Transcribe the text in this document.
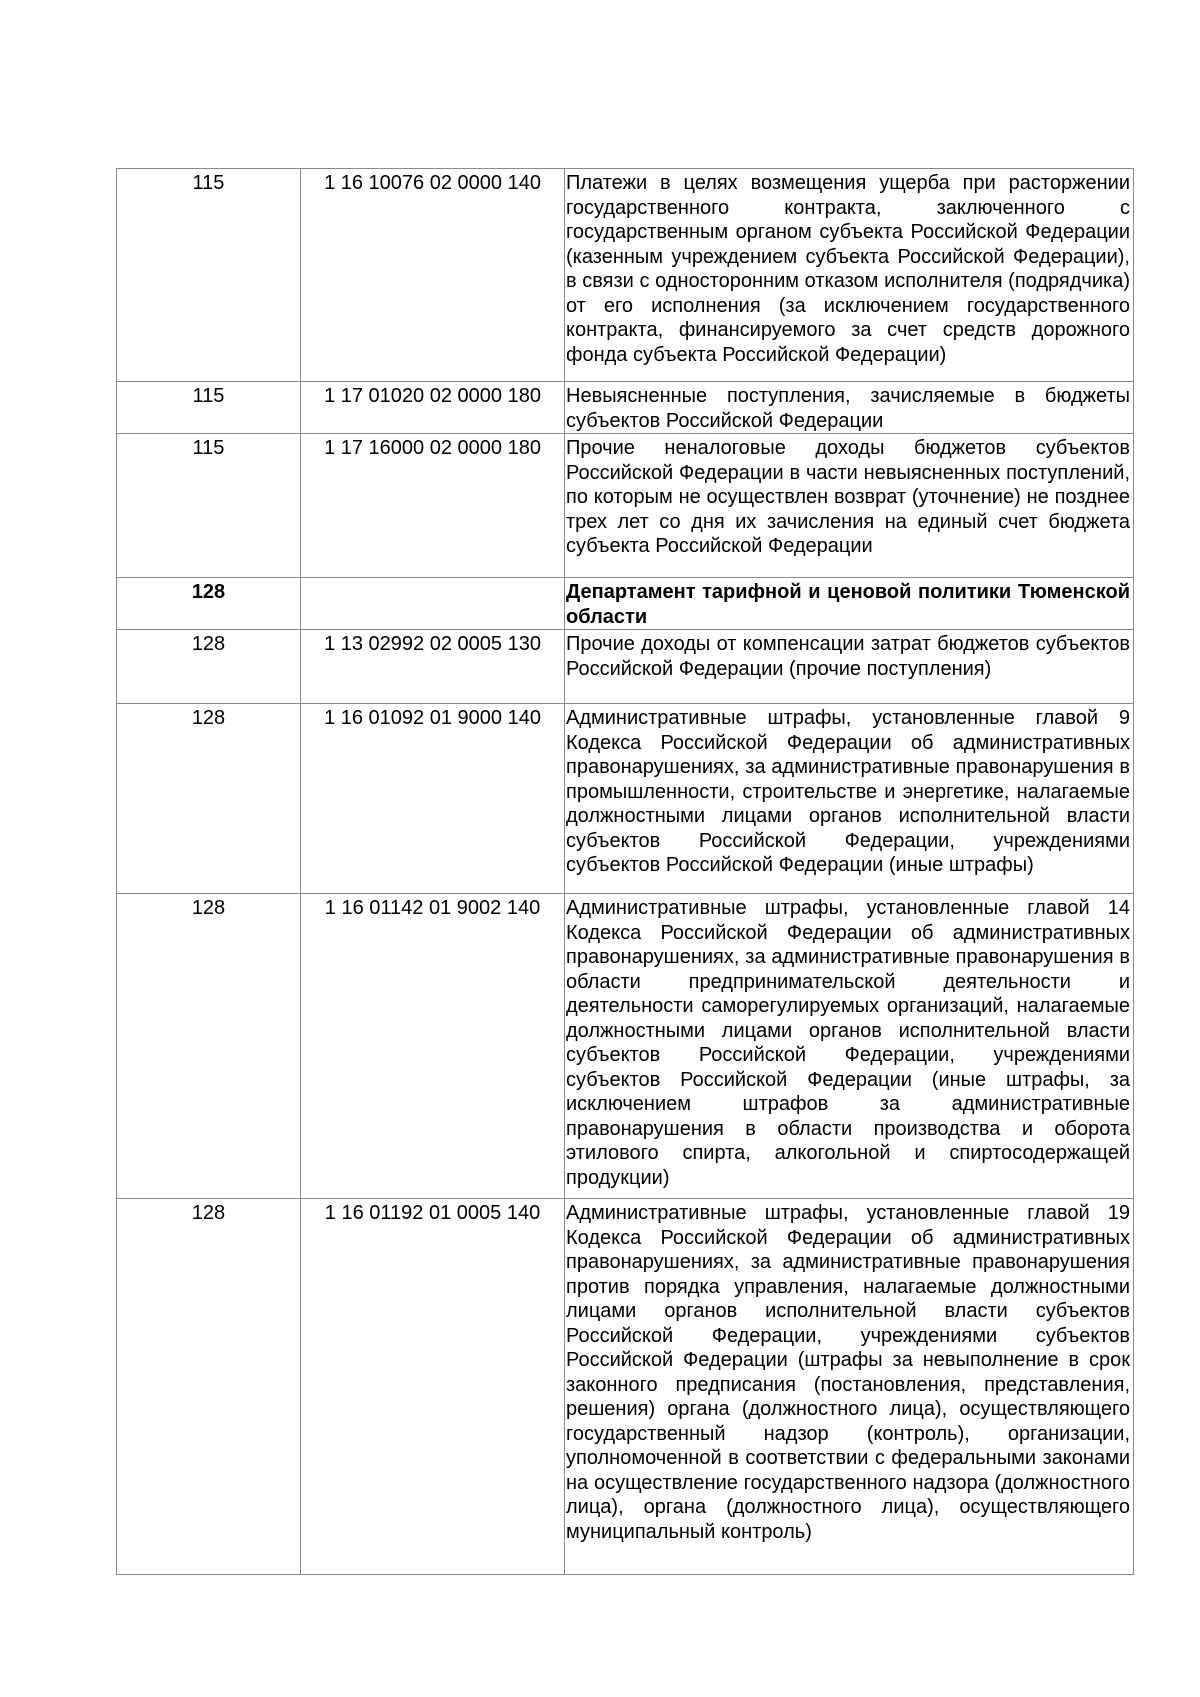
115	1 16 10076 02 0000 140	Платежи в целях возмещения ущерба при расторжении государственного контракта, заключенного с государственным органом субъекта Российской Федерации (казенным учреждением субъекта Российской Федерации), в связи с односторонним отказом исполнителя (подрядчика) от его исполнения (за исключением государственного контракта, финансируемого за счет средств дорожного фонда субъекта Российской Федерации)

115	1 17 01020 02 0000 180	Невыясненные поступления, зачисляемые в бюджеты субъектов Российской Федерации

115	1 17 16000 02 0000 180	Прочие неналоговые доходы бюджетов субъектов Российской Федерации в части невыясненных поступлений, по которым не осуществлен возврат (уточнение) не позднее трех лет со дня их зачисления на единый счет бюджета субъекта Российской Федерации

128		Департамент тарифной и ценовой политики Тюменской области

128	1 13 02992 02 0005 130	Прочие доходы от компенсации затрат бюджетов субъектов Российской Федерации (прочие поступления)

128	1 16 01092 01 9000 140	Административные штрафы, установленные главой 9 Кодекса Российской Федерации об административных правонарушениях, за административные правонарушения в промышленности, строительстве и энергетике, налагаемые должностными лицами органов исполнительной власти субъектов Российской Федерации, учреждениями субъектов Российской Федерации (иные штрафы)

128	1 16 01142 01 9002 140	Административные штрафы, установленные главой 14 Кодекса Российской Федерации об административных правонарушениях, за административные правонарушения в области предпринимательской деятельности и деятельности саморегулируемых организаций, налагаемые должностными лицами органов исполнительной власти субъектов Российской Федерации, учреждениями субъектов Российской Федерации (иные штрафы, за исключением штрафов за административные правонарушения в области производства и оборота этилового спирта, алкогольной и спиртосодержащей продукции)

128	1 16 01192 01 0005 140	Административные штрафы, установленные главой 19 Кодекса Российской Федерации об административных правонарушениях, за административные правонарушения против порядка управления, налагаемые должностными лицами органов исполнительной власти субъектов Российской Федерации, учреждениями субъектов Российской Федерации (штрафы за невыполнение в срок законного предписания (постановления, представления, решения) органа (должностного лица), осуществляющего государственный надзор (контроль), организации, уполномоченной в соответствии с федеральными законами на осуществление государственного надзора (должностного лица), органа (должностного лица), осуществляющего муниципальный контроль)
